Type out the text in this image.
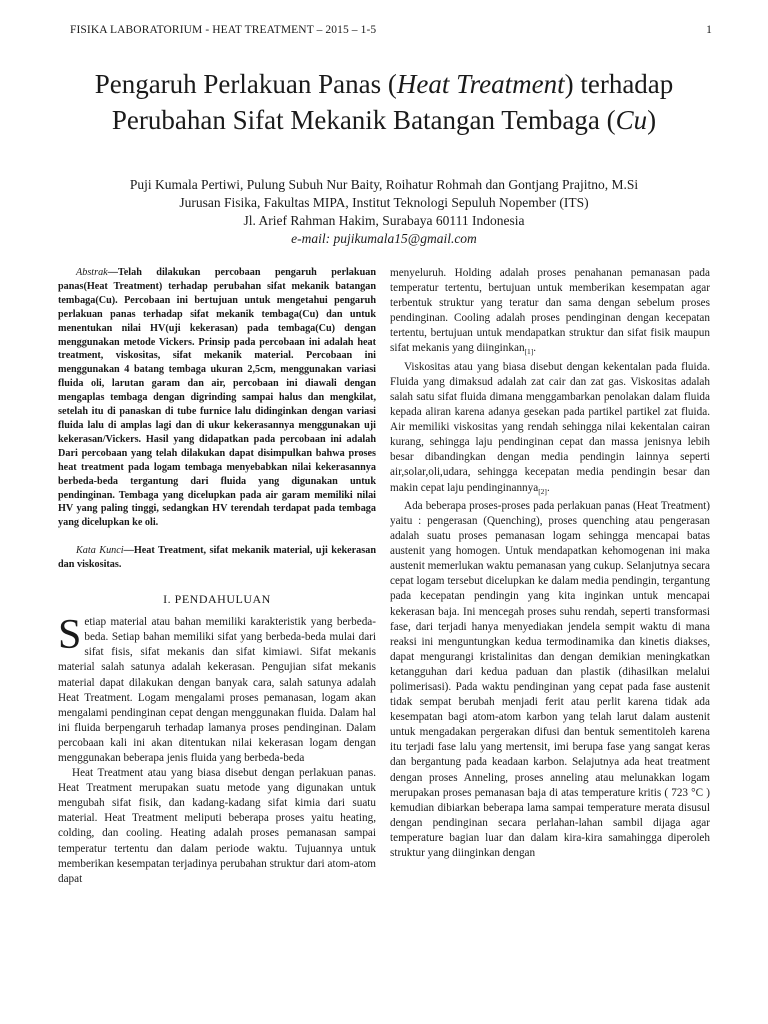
FISIKA LABORATORIUM - HEAT TREATMENT – 2015 – 1-5	1
Pengaruh Perlakuan Panas (Heat Treatment) terhadap Perubahan Sifat Mekanik Batangan Tembaga (Cu)
Puji Kumala Pertiwi, Pulung Subuh Nur Baity, Roihatur Rohmah dan Gontjang Prajitno, M.Si
Jurusan Fisika, Fakultas MIPA, Institut Teknologi Sepuluh Nopember (ITS)
Jl. Arief Rahman Hakim, Surabaya 60111 Indonesia
e-mail: pujikumala15@gmail.com

Abstrak—Telah dilakukan percobaan pengaruh perlakuan panas(Heat Treatment) terhadap perubahan sifat mekanik batangan tembaga(Cu). Percobaan ini bertujuan untuk mengetahui pengaruh perlakuan panas terhadap sifat mekanik tembaga(Cu) dan untuk menentukan nilai HV(uji kekerasan) pada tembaga(Cu) dengan menggunakan metode Vickers. Prinsip pada percobaan ini adalah heat treatment, viskositas, sifat mekanik material. Percobaan ini menggunakan 4 batang tembaga ukuran 2,5cm, menggunakan variasi fluida oli, larutan garam dan air, percobaan ini diawali dengan mengaplas tembaga dengan digrinding sampai halus dan mengkilat, setelah itu di panaskan di tube furnice lalu didinginkan dengan variasi fluida lalu di amplas lagi dan di ukur kekerasannya menggunakan uji kekerasan/Vickers. Hasil yang didapatkan pada percobaan ini adalah Dari percobaan yang telah dilakukan dapat disimpulkan bahwa proses heat treatment pada logam tembaga menyebabkan nilai kekerasannya berbeda-beda tergantung dari fluida yang digunakan untuk pendinginan. Tembaga yang dicelupkan pada air garam memiliki nilai HV yang paling tinggi, sedangkan HV terendah terdapat pada tembaga yang dicelupkan ke oli.

Kata Kunci—Heat Treatment, sifat mekanik material, uji kekerasan dan viskositas.

I. PENDAHULUAN

Setiap material atau bahan memiliki karakteristik yang berbeda-beda. Setiap bahan memiliki sifat yang berbeda-beda mulai dari sifat fisis, sifat mekanis dan sifat kimiawi. Sifat mekanis material salah satunya adalah kekerasan. Pengujian sifat mekanis material dapat dilakukan dengan banyak cara, salah satunya adalah Heat Treatment. Logam mengalami proses pemanasan, logam akan mengalami pendinginan cepat dengan menggunakan fluida. Dalam hal ini fluida berpengaruh terhadap lamanya proses pendinginan. Dalam percobaan kali ini akan ditentukan nilai kekerasan logam dengan menggunakan beberapa jenis fluida yang berbeda-beda

Heat Treatment atau yang biasa disebut dengan perlakuan panas. Heat Treatment merupakan suatu metode yang digunakan untuk mengubah sifat fisik, dan kadang-kadang sifat kimia dari suatu material. Heat Treatment meliputi beberapa proses yaitu heating, colding, dan cooling. Heating adalah proses pemanasan sampai temperatur tertentu dan dalam periode waktu. Tujuannya untuk memberikan kesempatan terjadinya perubahan struktur dari atom-atom dapat

menyeluruh. Holding adalah proses penahanan pemanasan pada temperatur tertentu, bertujuan untuk memberikan kesempatan agar terbentuk struktur yang teratur dan sama dengan sebelum proses pendinginan. Cooling adalah proses pendinginan dengan kecepatan tertentu, bertujuan untuk mendapatkan struktur dan sifat fisik maupun sifat mekanis yang diinginkan$_{[1]}$.

Viskositas atau yang biasa disebut dengan kekentalan pada fluida. Fluida yang dimaksud adalah zat cair dan zat gas. Viskositas adalah salah satu sifat fluida dimana menggambarkan penolakan dalam fluida kepada aliran karena adanya gesekan pada partikel partikel zat fluida. Air memiliki viskositas yang rendah sehingga nilai kekentalan cairan kurang, sehingga laju pendinginan cepat dan massa jenisnya lebih besar dibandingkan dengan media pendingin lainnya seperti air,solar,oli,udara, sehingga kecepatan media pendingin besar dan makin cepat laju pendinginannya$_{[2]}$.

Ada beberapa proses-proses pada perlakuan panas (Heat Treatment) yaitu : pengerasan (Quenching), proses quenching atau pengerasan adalah suatu proses pemanasan logam sehingga mencapai batas austenit yang homogen. Untuk mendapatkan kehomogenan ini maka austenit memerlukan waktu pemanasan yang cukup. Selanjutnya secara cepat logam tersebut dicelupkan ke dalam media pendingin, tergantung pada kecepatan pendingin yang kita inginkan untuk mencapai kekerasan baja. Ini mencegah proses suhu rendah, seperti transformasi fase, dari terjadi hanya menyediakan jendela sempit waktu di mana reaksi ini menguntungkan kedua termodinamika dan kinetis diakses, dapat mengurangi kristalinitas dan dengan demikian meningkatkan ketangguhan dari kedua paduan dan plastik (dihasilkan melalui polimerisasi). Pada waktu pendinginan yang cepat pada fase austenit tidak sempat berubah menjadi ferit atau perlit karena tidak ada kesempatan bagi atom-atom karbon yang telah larut dalam austenit untuk mengadakan pergerakan difusi dan bentuk sementitoleh karena itu terjadi fase lalu yang mertensit, imi berupa fase yang sangat keras dan bergantung pada keadaan karbon. Selajutnya ada heat treatment dengan proses Anneling, proses anneling atau melunakkan logam merupakan proses pemanasan baja di atas temperature kritis ( 723 °C ) kemudian dibiarkan beberapa lama sampai temperature merata disusul dengan pendinginan secara perlahan-lahan sambil dijaga agar temperature bagian luar dan dalam kira-kira samahingga diperoleh struktur yang diinginkan dengan
